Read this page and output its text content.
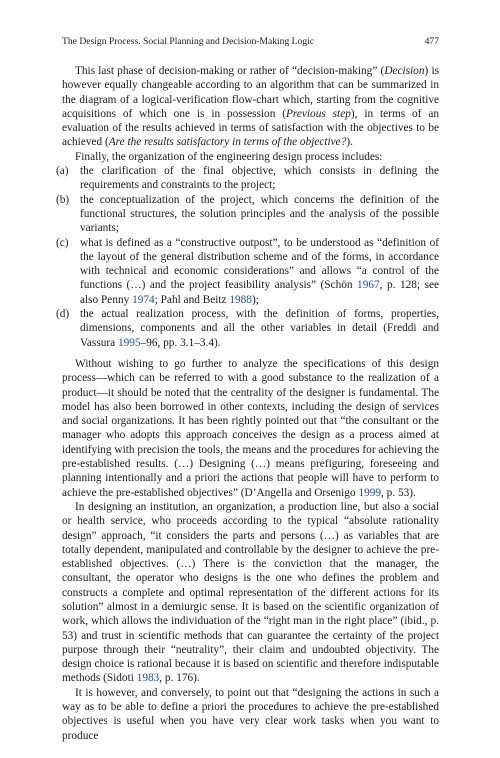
The Design Process. Social Planning and Decision-Making Logic	477

This last phase of decision-making or rather of “decision-making” (Decision) is however equally changeable according to an algorithm that can be summarized in the diagram of a logical-verification flow-chart which, starting from the cognitive acquisitions of which one is in possession (Previous step), in terms of an evaluation of the results achieved in terms of satisfaction with the objectives to be achieved (Are the results satisfactory in terms of the objective?).

Finally, the organization of the engineering design process includes:

(a)	the clarification of the final objective, which consists in defining the requirements and constraints to the project;
(b) the conceptualization of the project, which concerns the definition of the functional structures, the solution principles and the analysis of the possible variants;
(c)	what is defined as a “constructive outpost”, to be understood as “definition of the layout of the general distribution scheme and of the forms, in accordance with technical and economic considerations” and allows “a control of the functions (…) and the project feasibility analysis” (Schön 1967, p. 128; see also Penny 1974; Pahl and Beitz 1988);
(d) the actual realization process, with the definition of forms, properties, dimensions, components and all the other variables in detail (Freddi and Vassura 1995–96, pp. 3.1–3.4).

Without wishing to go further to analyze the specifications of this design process—which can be referred to with a good substance to the realization of a product—it should be noted that the centrality of the designer is fundamental. The model has also been borrowed in other contexts, including the design of services and social organizations. It has been rightly pointed out that “the consultant or the manager who adopts this approach conceives the design as a process aimed at identifying with precision the tools, the means and the procedures for achieving the pre-established results. (…) Designing (…) means prefiguring, foreseeing and planning intentionally and a priori the actions that people will have to perform to achieve the pre-established objectives” (D’Angella and Orsenigo 1999, p. 53).

In designing an institution, an organization, a production line, but also a social or health service, who proceeds according to the typical “absolute rationality design” approach, “it considers the parts and persons (…) as variables that are totally dependent, manipulated and controllable by the designer to achieve the pre-established objectives. (…) There is the conviction that the manager, the consultant, the operator who designs is the one who defines the problem and constructs a complete and optimal representation of the different actions for its solution” almost in a demiurgic sense. It is based on the scientific organization of work, which allows the individuation of the “right man in the right place” (ibid., p. 53) and trust in scientific methods that can guarantee the certainty of the project purpose through their “neutrality”, their claim and undoubted objectivity. The design choice is rational because it is based on scientific and therefore indisputable methods (Sidoti 1983, p. 176).

It is however, and conversely, to point out that “designing the actions in such a way as to be able to define a priori the procedures to achieve the pre-established objectives is useful when you have very clear work tasks when you want to produce
